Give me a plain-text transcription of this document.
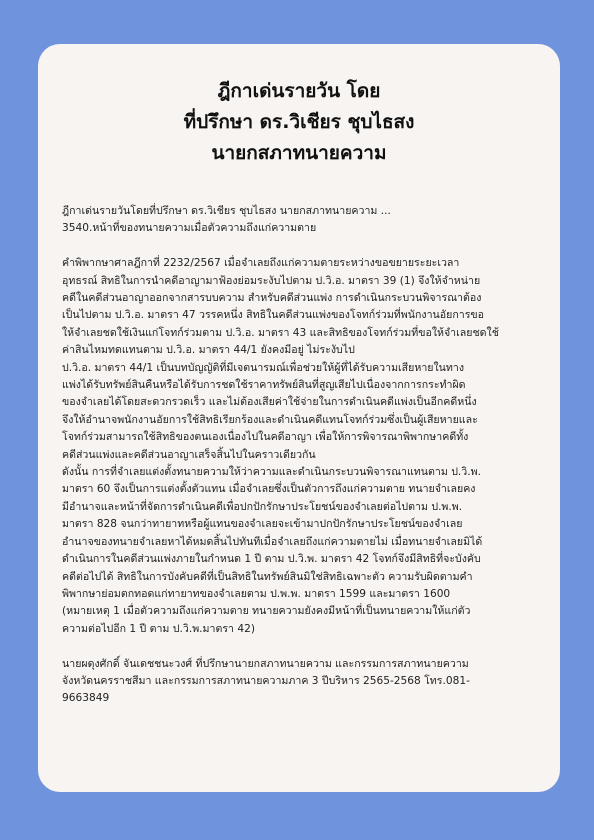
ฎีกาเด่นรายวัน โดย
ที่ปรึกษา ดร.วิเชียร ชุบไธสง
นายกสภาทนายความ
ฎีกาเด่นรายวันโดยที่ปรึกษา ดร.วิเชียร ชุบไธสง นายกสภาทนายความ ...
3540.หน้าที่ของทนายความเมื่อตัวความถึงแก่ความตาย
คำพิพากษาศาลฎีกาที่ 2232/2567 เมื่อจำเลยถึงแก่ความตายระหว่างขอขยายระยะเวลา
อุทธรณ์ สิทธิในการนำคดีอาญามาฟ้องย่อมระงับไปตาม ป.วิ.อ. มาตรา 39 (1) จึงให้จำหน่าย
คดีในคดีส่วนอาญาออกจากสารบบความ สำหรับคดีส่วนแพ่ง การดำเนินกระบวนพิจารณาต้อง
เป็นไปตาม ป.วิ.อ. มาตรา 47 วรรคหนึ่ง สิทธิในคดีส่วนแพ่งของโจทก์ร่วมที่พนักงานอัยการขอ
ให้จำเลยชดใช้เงินแก่โจทก์ร่วมตาม ป.วิ.อ. มาตรา 43 และสิทธิของโจทก์ร่วมที่ขอให้จำเลยชดใช้
ค่าสินไหมทดแทนตาม ป.วิ.อ. มาตรา 44/1 ยังคงมีอยู่ ไม่ระงับไป
ป.วิ.อ. มาตรา 44/1 เป็นบทบัญญัติที่มีเจตนารมณ์เพื่อช่วยให้ผู้ที่ได้รับความเสียหายในทาง
แพ่งได้รับทรัพย์สินคืนหรือได้รับการชดใช้ราคาทรัพย์สินที่สูญเสียไปเนื่องจากการกระทำผิด
ของจำเลยได้โดยสะดวกรวดเร็ว และไม่ต้องเสียค่าใช้จ่ายในการดำเนินคดีแพ่งเป็นอีกคดีหนึ่ง
จึงให้อำนาจพนักงานอัยการใช้สิทธิเรียกร้องและดำเนินคดีแทนโจทก์ร่วมซึ่งเป็นผู้เสียหายและ
โจทก์ร่วมสามารถใช้สิทธิของตนเองเนื่องไปในคดีอาญา เพื่อให้การพิจารณาพิพากษาคดีทั้ง
คดีส่วนแพ่งและคดีส่วนอาญาเสร็จสิ้นไปในคราวเดียวกัน
ดังนั้น การที่จำเลยแต่งตั้งทนายความให้ว่าความและดำเนินกระบวนพิจารณาแทนตาม ป.วิ.พ.
มาตรา 60 จึงเป็นการแต่งตั้งตัวแทน เมื่อจำเลยซึ่งเป็นตัวการถึงแก่ความตาย ทนายจำเลยคง
มีอำนาจและหน้าที่จัดการดำเนินคดีเพื่อปกปักรักษาประโยชน์ของจำเลยต่อไปตาม ป.พ.พ.
มาตรา 828 จนกว่าทายาทหรือผู้แทนของจำเลยจะเข้ามาปกปักรักษาประโยชน์ของจำเลย
อำนาจของทนายจำเลยหาได้หมดสิ้นไปทันทีเมื่อจำเลยถึงแก่ความตายไม่ เมื่อทนายจำเลยมิได้
ดำเนินการในคดีส่วนแพ่งภายในกำหนด 1 ปี ตาม ป.วิ.พ. มาตรา 42 โจทก์จึงมีสิทธิที่จะบังคับ
คดีต่อไปได้ สิทธิในการบังคับคดีที่เป็นสิทธิในทรัพย์สินมิใช่สิทธิเฉพาะตัว ความรับผิดตามคำ
พิพากษาย่อมตกทอดแก่ทายาทของจำเลยตาม ป.พ.พ. มาตรา 1599 และมาตรา 1600
(หมายเหตุ 1 เมื่อตัวความถึงแก่ความตาย ทนายความยังคงมีหน้าที่เป็นทนายความให้แก่ตัว
ความต่อไปอีก 1 ปี ตาม ป.วิ.พ.มาตรา 42)
นายผดุงศักดิ์ จันเดชชนะวงศ์ ที่ปรึกษานายกสภาทนายความ และกรรมการสภาทนายความ
จังหวัดนครราชสีมา และกรรมการสภาทนายความภาค 3 ปีบริหาร 2565-2568 โทร.081-
9663849
